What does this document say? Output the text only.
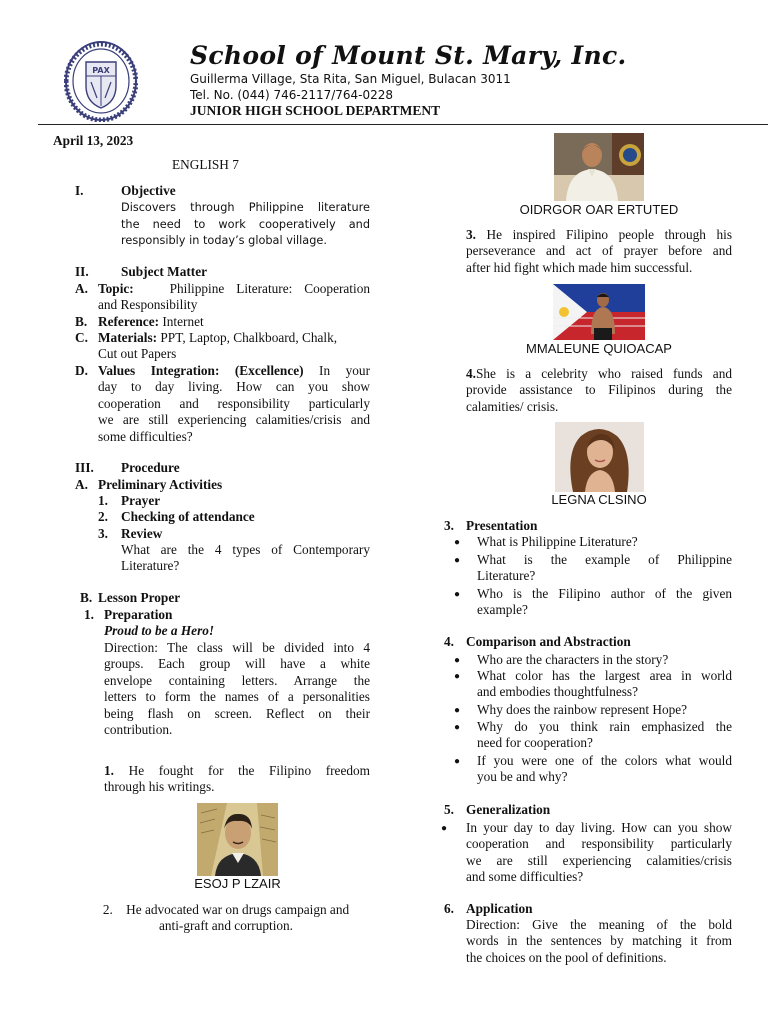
PAX
School of Mount St. Mary, Inc.
Guillerma Village, Sta Rita, San Miguel, Bulacan 3011
Tel. No. (044) 746-2117/764-0228
JUNIOR HIGH SCHOOL DEPARTMENT
April 13, 2023
ENGLISH 7
I.	Objective
Discovers through Philippine literature
the need to work cooperatively and
responsibly in today’s global village.
II. Subject Matter
A. Topic:	Philippine Literature: Cooperation
and Responsibility
B. Reference: Internet
C. Materials: PPT, Laptop, Chalkboard, Chalk,
Cut out Papers
D. Values Integration: (Excellence) In your
day to day living. How can you show
cooperation and responsibility particularly
we are still experiencing calamities/crisis and
some difficulties?
III. Procedure
A. Preliminary Activities
1. Prayer
2. Checking of attendance
3. Review
What are the 4 types of Contemporary
Literature?
B. Lesson Proper
1. Preparation
Proud to be a Hero!
Direction: The class will be divided into 4
groups. Each group will have a white
envelope containing letters. Arrange the
letters to form the names of a personalities
being flash on screen. Reflect on their
contribution.
1. He fought for the Filipino freedom
through his writings.
ESOJ P LZAIR
2. He advocated war on drugs campaign and
anti-graft and corruption.
OIDRGOR OAR ERTUTED
3. He inspired Filipino people through his
perseverance and act of prayer before and
after hid fight which made him successful.
MMALEUNE QUIOACAP
4.She is a celebrity who raised funds and
provide assistance to Filipinos during the
calamities/ crisis.
LEGNA CLSINO
3. Presentation
● What is Philippine Literature?
● What is the example of Philippine
Literature?
● Who is the Filipino author of the given
example?
4. Comparison and Abstraction
● Who are the characters in the story?
● What color has the largest area in world
and embodies thoughtfulness?
● Why does the rainbow represent Hope?
● Why do you think rain emphasized the
need for cooperation?
● If you were one of the colors what would
you be and why?
5. Generalization
● In your day to day living. How can you show
cooperation and responsibility particularly
we are still experiencing calamities/crisis
and some difficulties?
6. Application
Direction: Give the meaning of the bold
words in the sentences by matching it from
the choices on the pool of definitions.
